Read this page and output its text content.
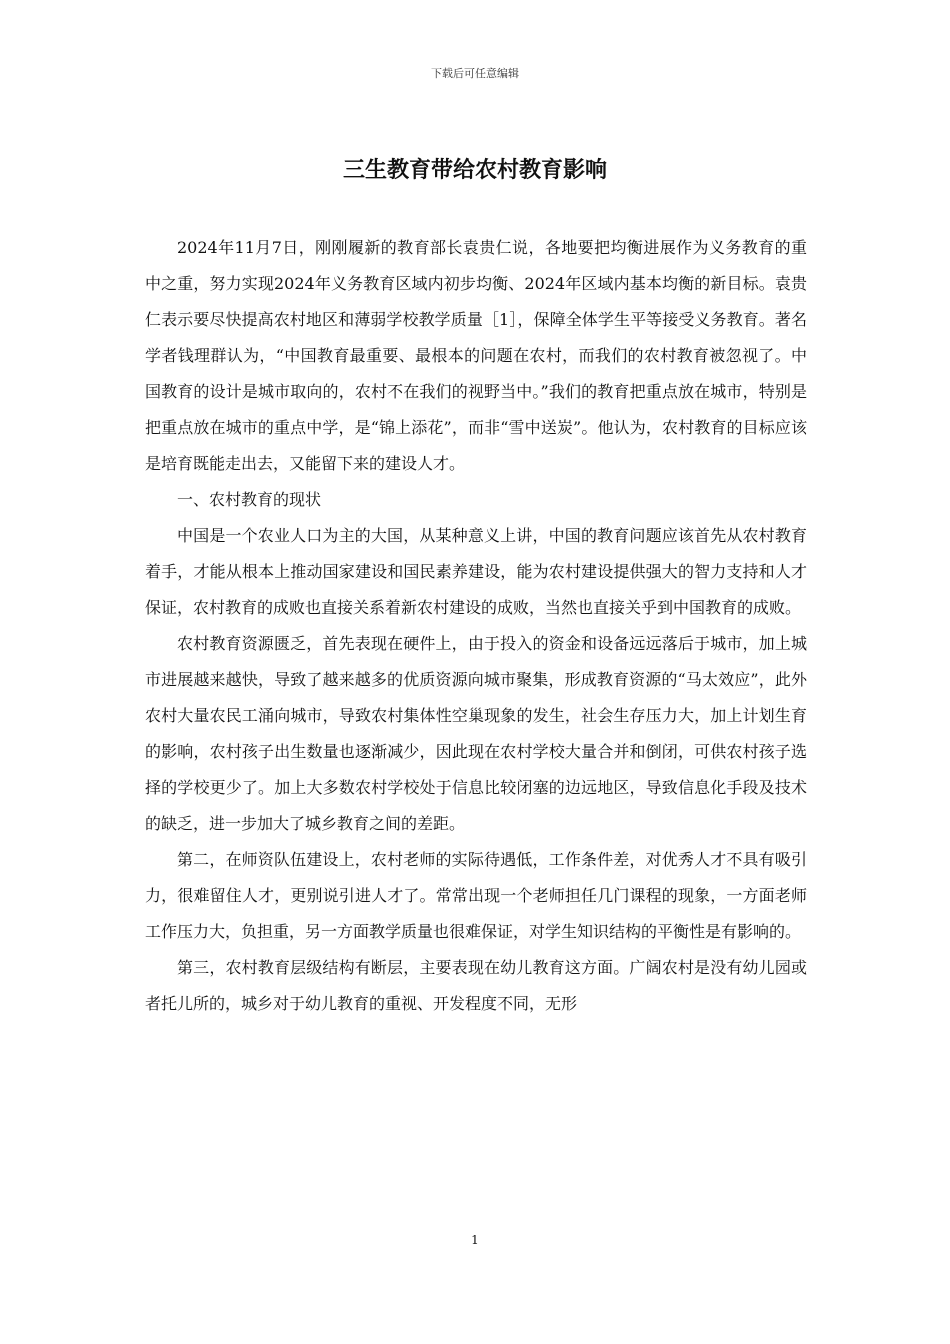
下载后可任意编辑
三生教育带给农村教育影响

2024年11月7日，刚刚履新的教育部长袁贵仁说，各地要把均衡进展作为义务教育的重中之重，努力实现2024年义务教育区域内初步均衡、2024年区域内基本均衡的新目标。袁贵仁表示要尽快提高农村地区和薄弱学校教学质量［1］，保障全体学生平等接受义务教育。著名学者钱理群认为，“中国教育最重要、最根本的问题在农村，而我们的农村教育被忽视了。中国教育的设计是城市取向的，农村不在我们的视野当中。”我们的教育把重点放在城市，特别是把重点放在城市的重点中学，是“锦上添花”，而非“雪中送炭”。他认为，农村教育的目标应该是培育既能走出去，又能留下来的建设人才。

一、农村教育的现状

中国是一个农业人口为主的大国，从某种意义上讲，中国的教育问题应该首先从农村教育着手，才能从根本上推动国家建设和国民素养建设，能为农村建设提供强大的智力支持和人才保证，农村教育的成败也直接关系着新农村建设的成败，当然也直接关乎到中国教育的成败。

农村教育资源匮乏，首先表现在硬件上，由于投入的资金和设备远远落后于城市，加上城市进展越来越快，导致了越来越多的优质资源向城市聚集，形成教育资源的“马太效应”，此外农村大量农民工涌向城市，导致农村集体性空巢现象的发生，社会生存压力大，加上计划生育的影响，农村孩子出生数量也逐渐减少，因此现在农村学校大量合并和倒闭，可供农村孩子选择的学校更少了。加上大多数农村学校处于信息比较闭塞的边远地区，导致信息化手段及技术的缺乏，进一步加大了城乡教育之间的差距。

第二，在师资队伍建设上，农村老师的实际待遇低，工作条件差，对优秀人才不具有吸引力，很难留住人才，更别说引进人才了。常常出现一个老师担任几门课程的现象，一方面老师工作压力大，负担重，另一方面教学质量也很难保证，对学生知识结构的平衡性是有影响的。

第三，农村教育层级结构有断层，主要表现在幼儿教育这方面。广阔农村是没有幼儿园或者托儿所的，城乡对于幼儿教育的重视、开发程度不同，无形

1
